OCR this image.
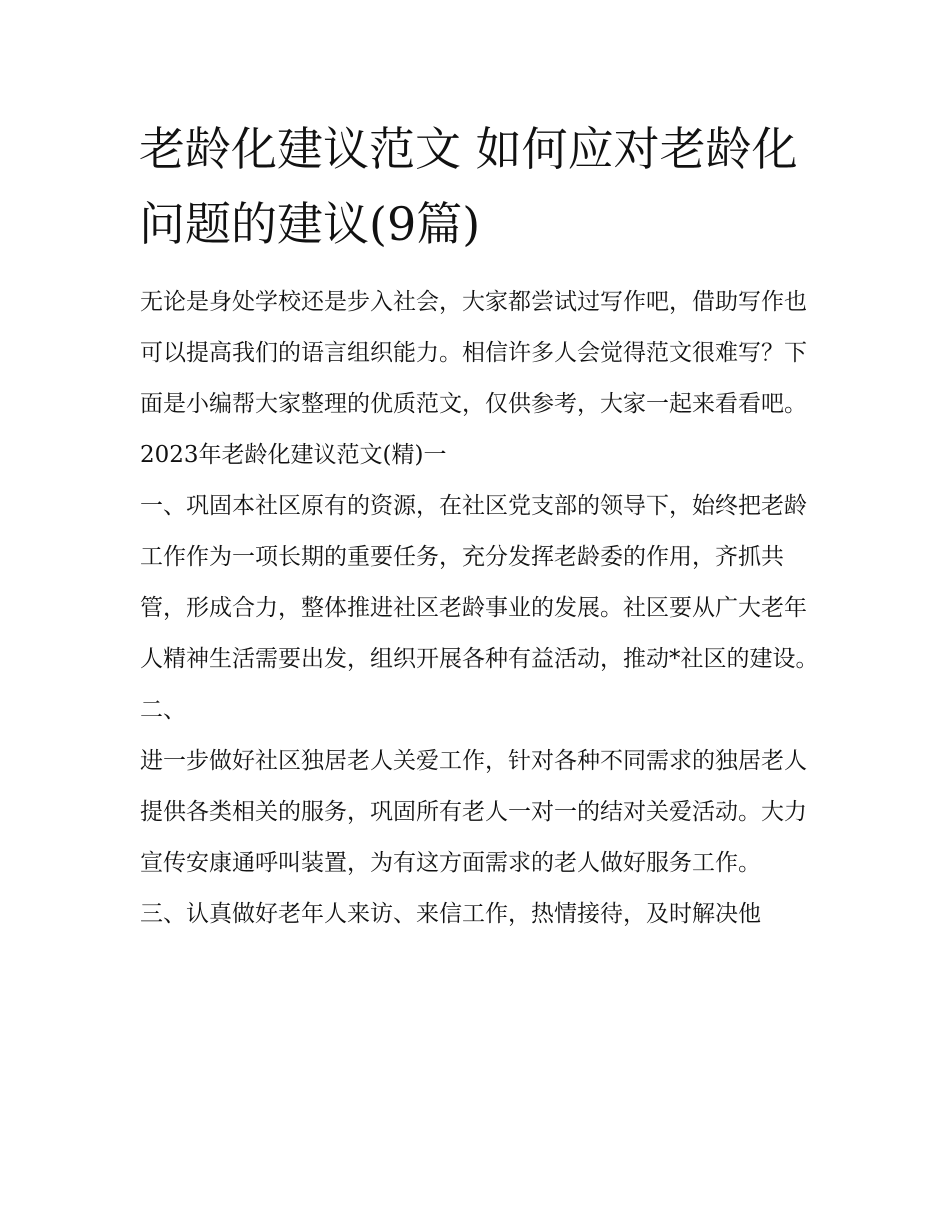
老龄化建议范文 如何应对老龄化问题的建议(9篇)

无论是身处学校还是步入社会，大家都尝试过写作吧，借助写作也可以提高我们的语言组织能力。相信许多人会觉得范文很难写？下面是小编帮大家整理的优质范文，仅供参考，大家一起来看看吧。

2023年老龄化建议范文(精)一

一、巩固本社区原有的资源，在社区党支部的领导下，始终把老龄工作作为一项长期的重要任务，充分发挥老龄委的作用，齐抓共管，形成合力，整体推进社区老龄事业的发展。社区要从广大老年人精神生活需要出发，组织开展各种有益活动，推动*社区的建设。

二、

进一步做好社区独居老人关爱工作，针对各种不同需求的独居老人提供各类相关的服务，巩固所有老人一对一的结对关爱活动。大力宣传安康通呼叫装置，为有这方面需求的老人做好服务工作。

三、认真做好老年人来访、来信工作，热情接待，及时解决他
